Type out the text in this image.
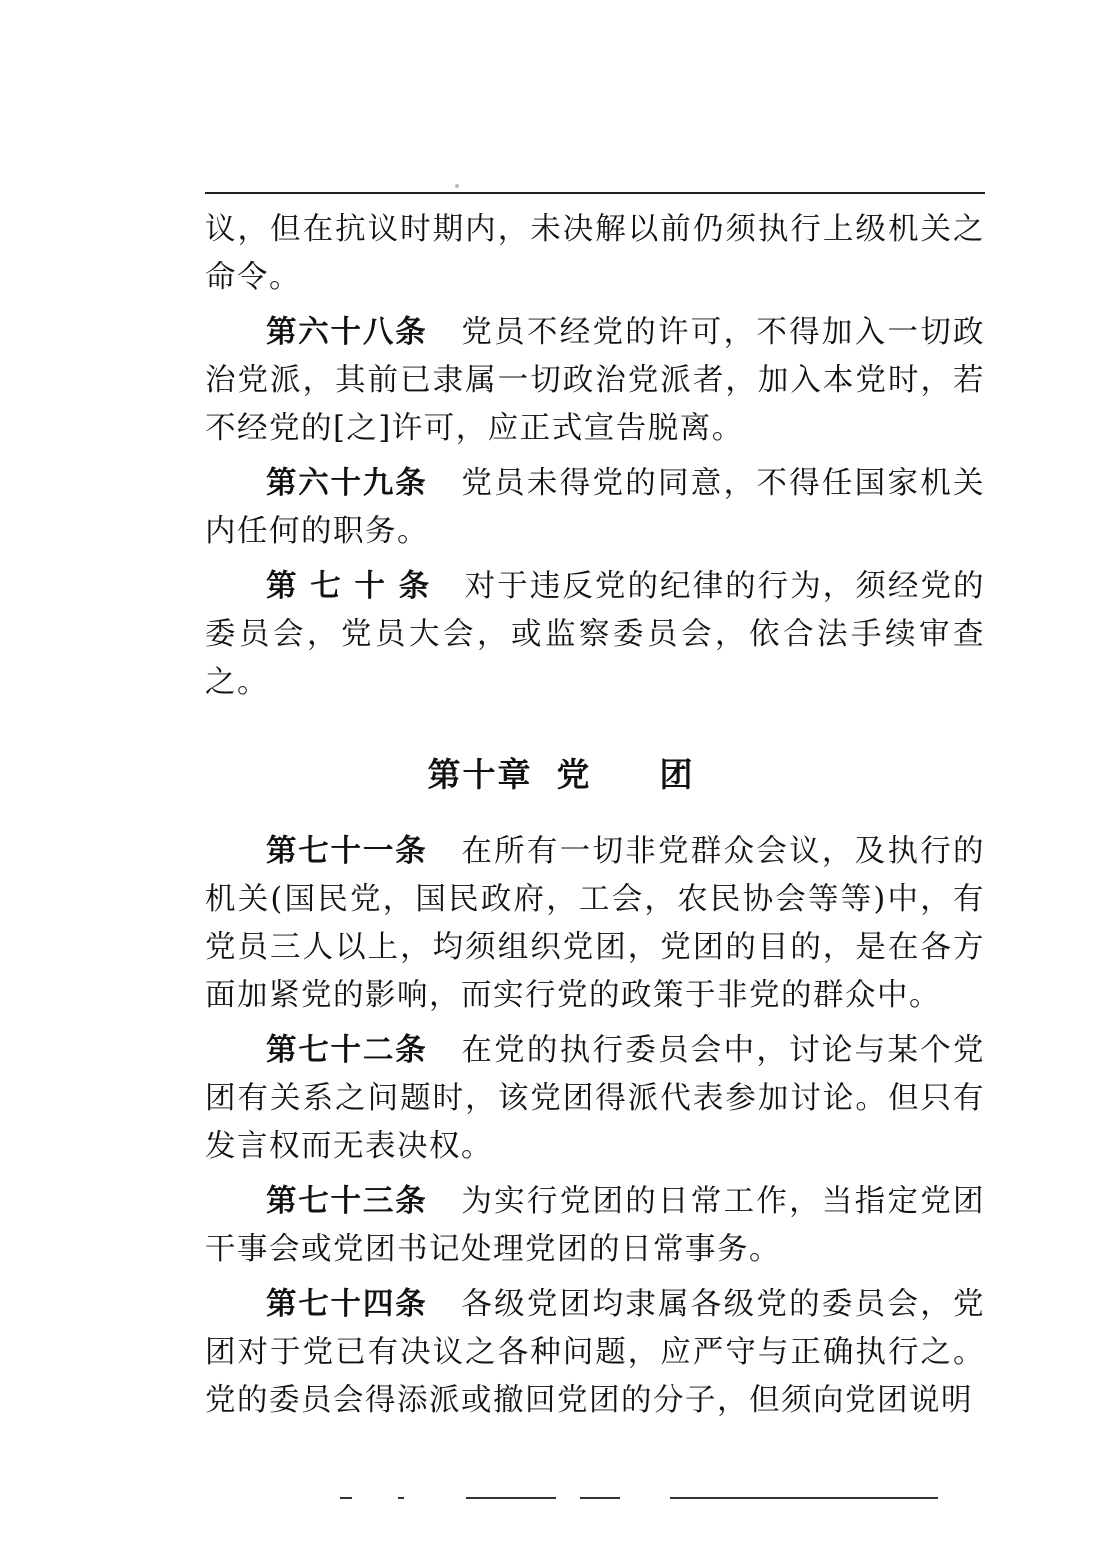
议，但在抗议时期内，未决解以前仍须执行上级机关之命令。

第六十八条 党员不经党的许可，不得加入一切政治党派，其前已隶属一切政治党派者，加入本党时，若不经党的[之]许可，应正式宣告脱离。

第六十九条 党员未得党的同意，不得任国家机关内任何的职务。

第 七 十 条 对于违反党的纪律的行为，须经党的委员会，党员大会，或监察委员会，依合法手续审查之。

第十章 党团

第七十一条 在所有一切非党群众会议，及执行的机关(国民党，国民政府，工会，农民协会等等)中，有党员三人以上，均须组织党团，党团的目的，是在各方面加紧党的影响，而实行党的政策于非党的群众中。

第七十二条 在党的执行委员会中，讨论与某个党团有关系之问题时，该党团得派代表参加讨论。但只有发言权而无表决权。

第七十三条 为实行党团的日常工作，当指定党团干事会或党团书记处理党团的日常事务。

第七十四条 各级党团均隶属各级党的委员会，党团对于党已有决议之各种问题，应严守与正确执行之。党的委员会得添派或撤回党团的分子，但须向党团说明
